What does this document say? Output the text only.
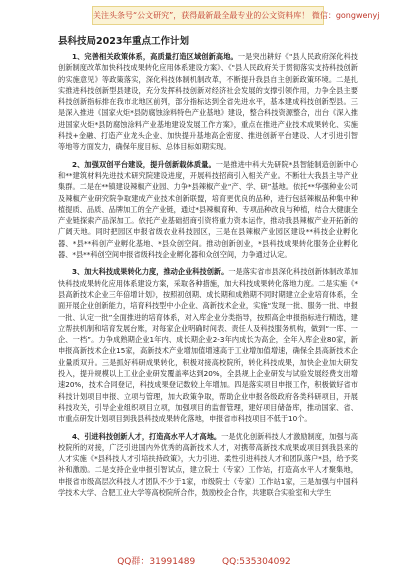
关注头条号“公文研究”，获得最新最全最专业的公文资料库！ 微信：gongwenyj
县科技局2023年重点工作计划

1、完善相关政策体系，高质量打造区域创新高地。一是突出耕好《"县人民政府深化科技创新制度改革加快科技成果转化应用体系建设方案》、《"县人民政府关于贯彻落实支持科技创新的实施意见》等政策落实，深化科技体制机制改革，不断提升我县自主创新政策环境。二是扎实推进科技创新型县建设，充分发挥科技创新对经济社会发展的支撑引领作用，力争全县主要科技创新指标排在我市北地区前列，部分指标达到全省先进水平，基本建成科技创新型县。三是深入推进《国家火炬*县防腐蚀涂料特色产业基地》建设，整合科技资源整合，出台《深入推进国家火炬*县防腐蚀涂料产业基地建设发展工作方案》，重点在推进产业技术成果转化、实施科技+金融、打造产业龙头企业、加快提升基地高企密度、推进创新平台建设、人才引进引智等地等方面发力，确保年度目标、总体目标如期实现。

2、加强双创平台建设，提升创新载体质量。一是推进中科大先研院*县智能制造创新中心和**建筑材料先进技术研究院建设进度，开展科技招商引入相关产业。不断壮大我县主导产业集群。二是在**镇建设辣椒产业园、力争*县辣椒产业“产、学、研”基地。依托**华强种业公司及辣椒产业研究院争取建成产业技术创新联盟，培育更优良的品种，进行包括辣椒品种集中种植提质、品质、品牌加工的全产业链，通过*县辣椒育种、专项品种改良与种植，结合大健康全产业链探索产品深加工。依托产业基础招商引资将重力资本运作，推动我县辣椒产业开拓新的广阔天地。同时把园区申报省级农业科技园区，三是在县辣椒产业园区建设**科技企业孵化器、*县**科创产业孵化基地、*县众创空间。推动创新创业，*县科技成果转化服务企业孵化器、*县**科创空间申报省级科技企业孵化器和众创空间，力争通过认定。

3、加大科技成果转化力度，推动企业科技创新。一是落实省市县深化科技创新体制改革加快科技成果转化应用体系建设方案，采取各种措施，加大科技成果转化落地力度。二是实施《*县高新技术企业三年倍增计划》，按照初创期、成长期和成熟期不同时期建立企业培育体系，全面开展企业创新能力，培育科技型中小企业、高新技术企业，实施“发现一批、服务一批、申报一批、认定一批”全面推进的培育体系，对入库企业分类指导，按照高企申报指标进行精选，建立帮扶机制和培育发展台账，对每家企业明确时间表、责任人及科技服务机构，做到“一库、一企、一档”。力争成熟期企业1年内、成长期企业2-3年内成长为高企，全年入库企业80家，新申报高新技术企业15家，高新技术产业增加值增速高于工业增加值增速，确保全县高新技术企业量质双升。三是抓好科研成果转化，积极对接高校院所，转化科技成果，加快企业加大研发投入，提升规模以上工业企业研发覆盖率达到20%，全县规上企业研发与试验发展经费支出增速20%，技术合同登记，科技成果登记数较上年增加。四是落实项目申报工作，积极做好省市科技计划项目申报、立项与管理，加大政策争取，帮助企业申报各级政府各类科研项目，开展科技攻关，引导企业组织项目立项，加强项目的监督管理，建好项目储备库，推动国家、省、市重点研发计划项目到我县科技成果转化落地，申报省市科技项目不低于10个。

4、引进科技创新人才，打造高水平人才高地。一是优化创新科技人才激励制度，加强与高校院所的对接，广泛引进国内外优秀的高新技术人才，对携带高新技术成果或项目到我县来的人才实施《*县科技人才引培扶持政策》，大力引进、柔性引进科技人才和团队落户*县，给予奖补和激励。二是支持企业申报引智试点，建立院士（专家）工作站，打造高水平人才聚集地，申报省市级高层次科技人才团队不少于1家，市级院士（专家）工作站1家，三是加强与中国科学技术大学、合肥工业大学等高校院所合作，鼓励校企合作，共建联合实验室和大学生

QQ群：31991489	QQ:535304092
